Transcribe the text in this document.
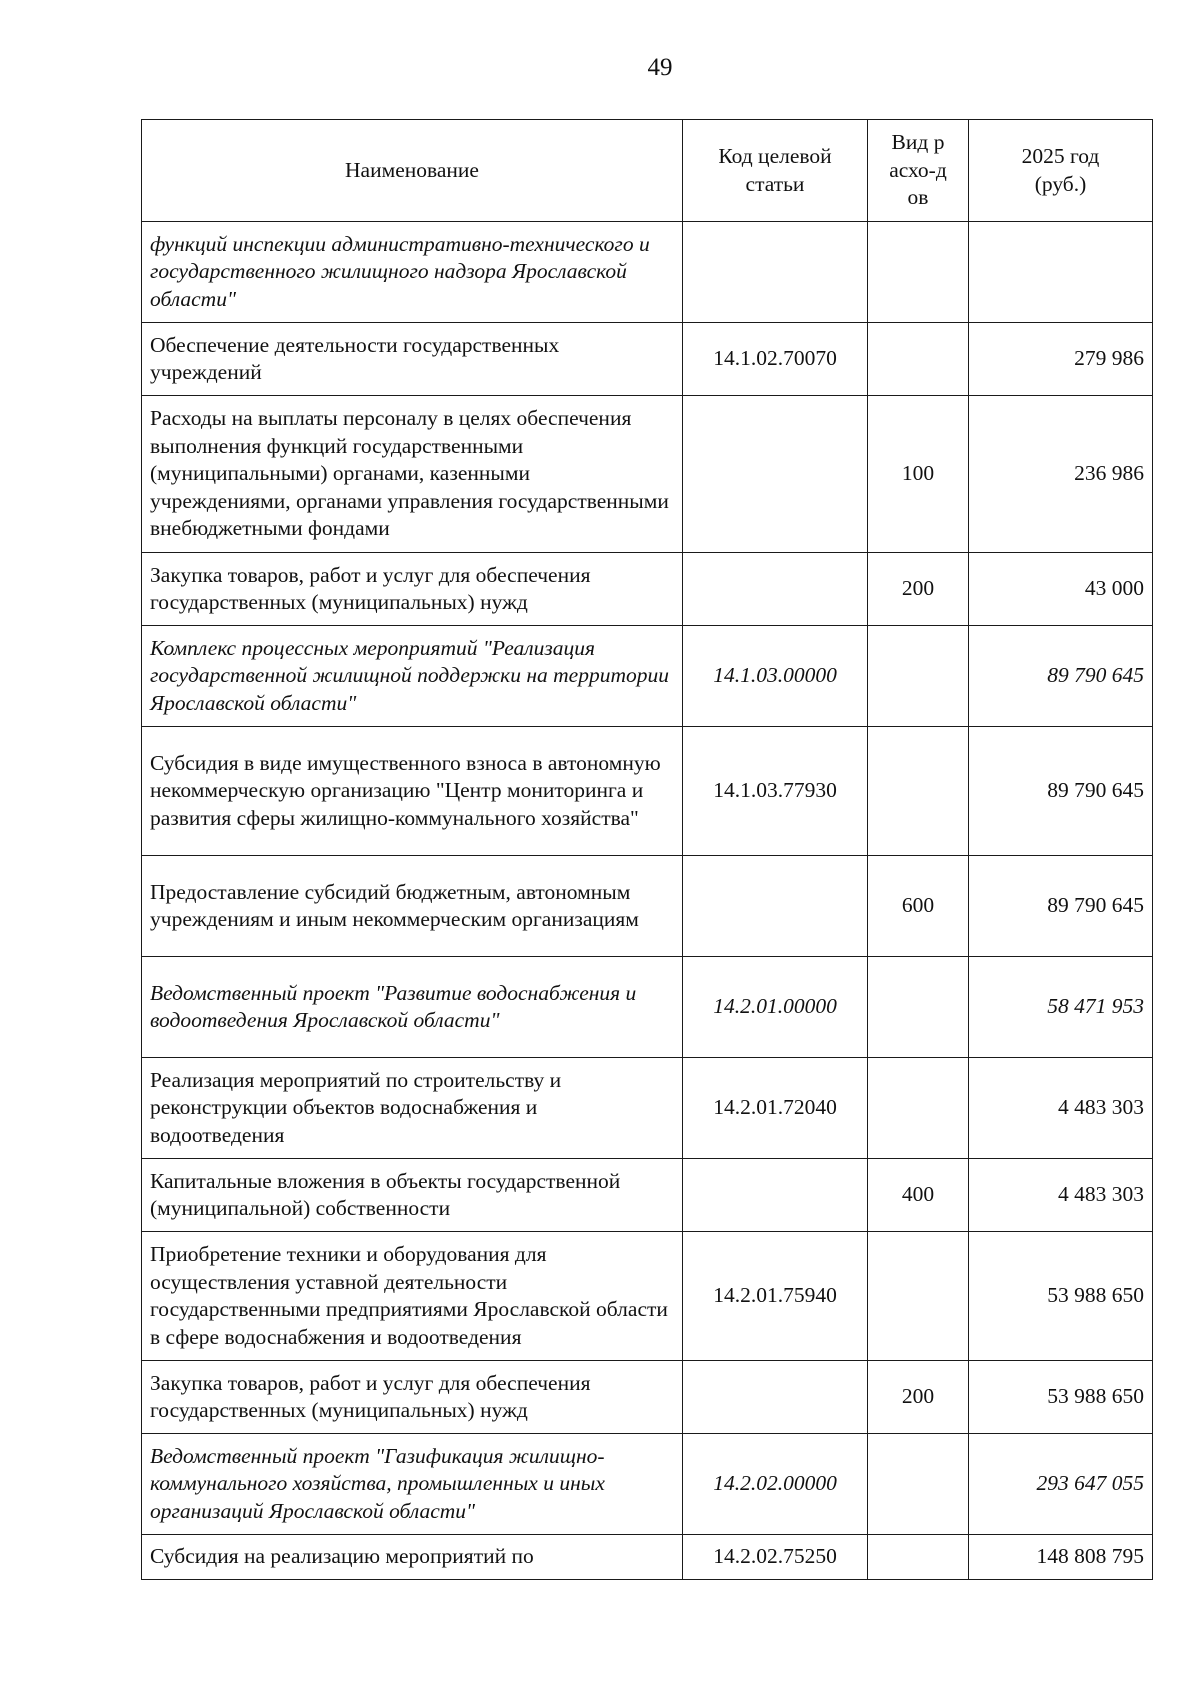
49
Наименование	Код целевой статьи	Вид расхо-дов	2025 год (руб.)
функций инспекции административно-технического и государственного жилищного надзора Ярославской области"			
Обеспечение деятельности государственных учреждений	14.1.02.70070		279 986
Расходы на выплаты персоналу в целях обеспечения выполнения функций государственными (муниципальными) органами, казенными учреждениями, органами управления государственными внебюджетными фондами		100	236 986
Закупка товаров, работ и услуг для обеспечения государственных (муниципальных) нужд		200	43 000
Комплекс процессных мероприятий "Реализация государственной жилищной поддержки на территории Ярославской области"	14.1.03.00000		89 790 645
Субсидия в виде имущественного взноса в автономную некоммерческую организацию "Центр мониторинга и развития сферы жилищно-коммунального хозяйства"	14.1.03.77930		89 790 645
Предоставление субсидий бюджетным, автономным учреждениям и иным некоммерческим организациям		600	89 790 645
Ведомственный проект "Развитие водоснабжения и водоотведения Ярославской области"	14.2.01.00000		58 471 953
Реализация мероприятий по строительству и реконструкции объектов водоснабжения и водоотведения	14.2.01.72040		4 483 303
Капитальные вложения в объекты государственной (муниципальной) собственности		400	4 483 303
Приобретение техники и оборудования для осуществления уставной деятельности государственными предприятиями Ярославской области в сфере водоснабжения и водоотведения	14.2.01.75940		53 988 650
Закупка товаров, работ и услуг для обеспечения государственных (муниципальных) нужд		200	53 988 650
Ведомственный проект "Газификация жилищно-коммунального хозяйства, промышленных и иных организаций Ярославской области"	14.2.02.00000		293 647 055
Субсидия на реализацию мероприятий по	14.2.02.75250		148 808 795
